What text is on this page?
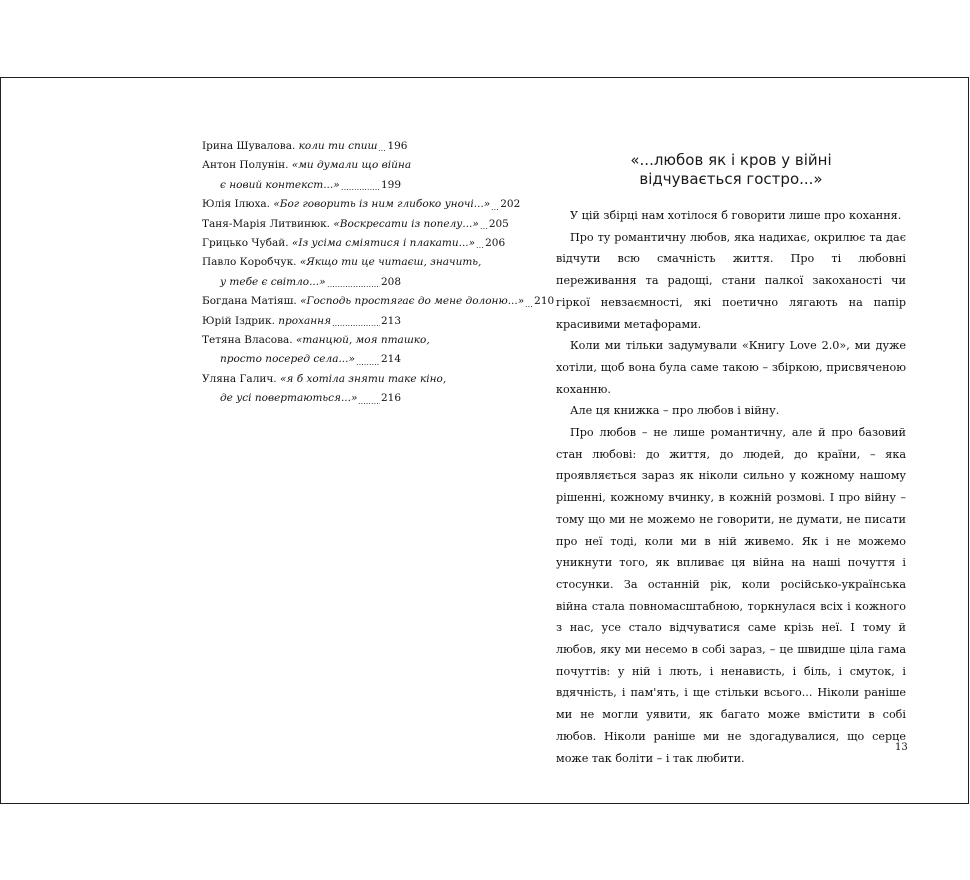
Ірина Шувалова. коли ти спиш 196
Антон Полунін. «ми думали що війна
є новий контекст...»	199
Юлія Ілюха. «Бог говорить із ним глибоко уночі...» 202
Таня-Марія Литвинюк. «Воскресати із попелу...» 205
Грицько Чубай. «Із усіма сміятися і плакати...» 206
Павло Коробчук. «Якщо ти це читаєш, значить,
у тебе є світло...»	208
Богдана Матіяш. «Господь простягає до мене долоню...» 210
Юрій Іздрик. прохання	213
Тетяна Власова. «танцюй, моя пташко,
просто посеред села...» 214
Уляна Галич. «я б хотіла зняти таке кіно,
де усі повертаються...» 216
«...любов як і кров у війні
відчувається гостро...»

У цій збірці нам хотілося б говорити лише про кохання.

Про ту романтичну любов, яка надихає, окрилює та дає відчути всю смачність життя. Про ті любовні переживання та радощі, стани палкої закоханості чи гіркої невзаємності, які поетично лягають на папір красивими метафорами.

Коли ми тільки задумували «Книгу Love 2.0», ми дуже хотіли, щоб вона була саме такою – збіркою, присвяченою коханню.

Але ця книжка – про любов і війну.

Про любов – не лише романтичну, але й про базовий стан любові: до життя, до людей, до країни, – яка проявляється зараз як ніколи сильно у кожному нашому рішенні, кожному вчинку, в кожній розмові. І про війну – тому що ми не можемо не говорити, не думати, не писати про неї тоді, коли ми в ній живемо. Як і не можемо уникнути того, як впливає ця війна на наші почуття і стосунки. За останній рік, коли російсько-українська війна стала повномасштабною, торкнулася всіх і кожного з нас, усе стало відчуватися саме крізь неї. І тому й любов, яку ми несемо в собі зараз, – це швидше ціла гама почуттів: у ній і лють, і ненависть, і біль, і смуток, і вдячність, і пам'ять, і ще стільки всього... Ніколи раніше ми не могли уявити, як багато може вмістити в собі любов. Ніколи раніше ми не здогадувалися, що серце може так боліти – і так любити.

13
